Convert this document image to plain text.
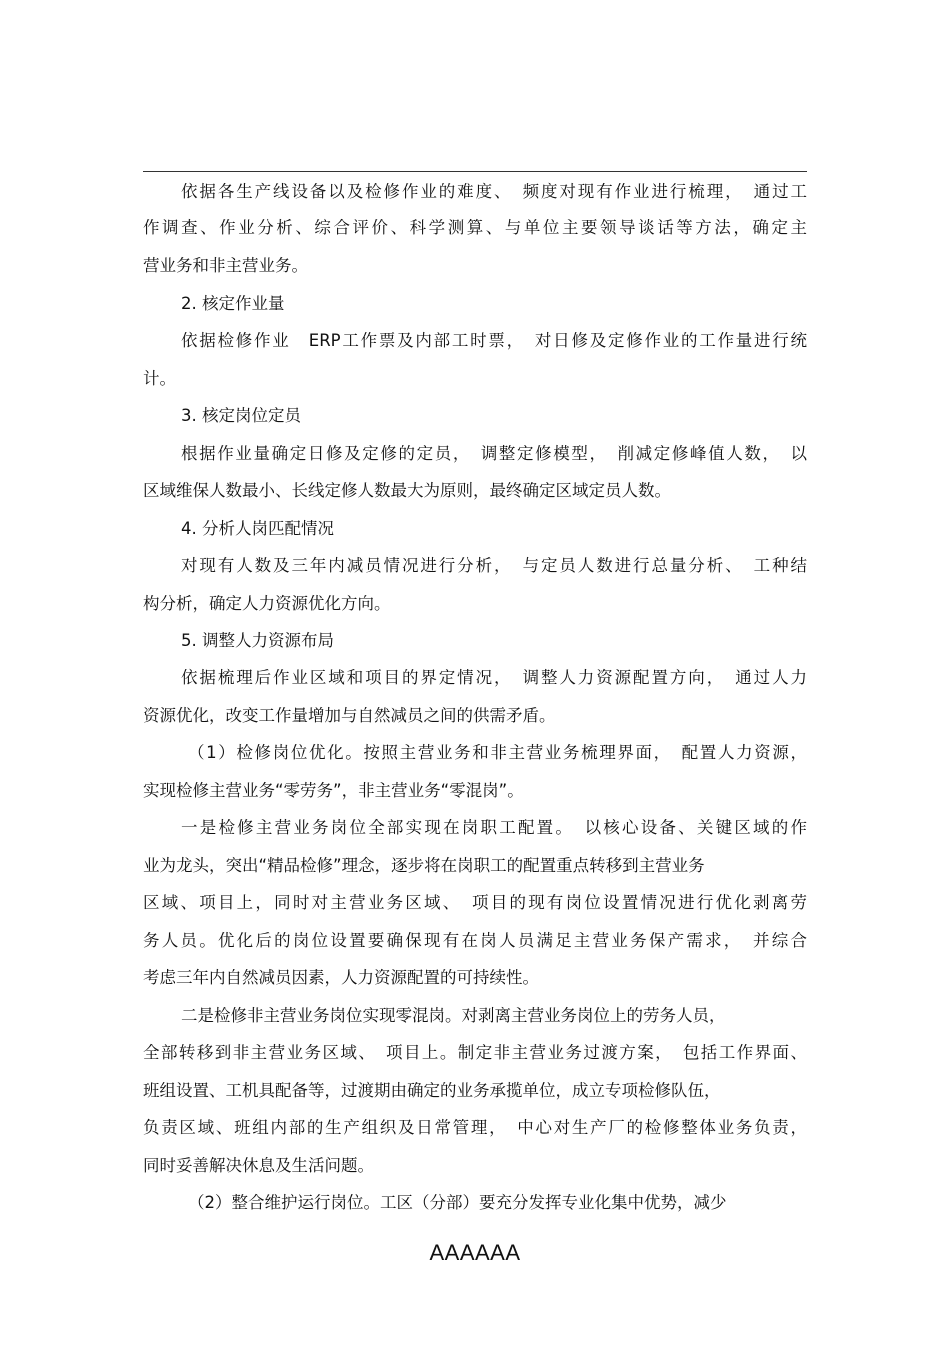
依据各生产线设备以及检修作业的难度、　频度对现有作业进行梳理，　通过工
作调查、作业分析、综合评价、科学测算、与单位主要领导谈话等方法，确定主
营业务和非主营业务。
2. 核定作业量
依据检修作业　ERP工作票及内部工时票，　对日修及定修作业的工作量进行统
计。
3. 核定岗位定员
根据作业量确定日修及定修的定员，　调整定修模型，　削减定修峰值人数，　以
区域维保人数最小、长线定修人数最大为原则，最终确定区域定员人数。
4. 分析人岗匹配情况
对现有人数及三年内减员情况进行分析，　与定员人数进行总量分析、　工种结
构分析，确定人力资源优化方向。
5. 调整人力资源布局
依据梳理后作业区域和项目的界定情况，　调整人力资源配置方向，　通过人力
资源优化，改变工作量增加与自然减员之间的供需矛盾。
（1）检修岗位优化。按照主营业务和非主营业务梳理界面，　配置人力资源，
实现检修主营业务“零劳务”，非主营业务“零混岗”。
一是检修主营业务岗位全部实现在岗职工配置。　以核心设备、关键区域的作
业为龙头，突出“精品检修”理念，逐步将在岗职工的配置重点转移到主营业务
区域、项目上，同时对主营业务区域、　项目的现有岗位设置情况进行优化剥离劳
务人员。优化后的岗位设置要确保现有在岗人员满足主营业务保产需求，　并综合
考虑三年内自然减员因素，人力资源配置的可持续性。
二是检修非主营业务岗位实现零混岗。对剥离主营业务岗位上的劳务人员，
全部转移到非主营业务区域、　项目上。制定非主营业务过渡方案，　包括工作界面、
班组设置、工机具配备等，过渡期由确定的业务承揽单位，成立专项检修队伍，
负责区域、班组内部的生产组织及日常管理，　中心对生产厂的检修整体业务负责，
同时妥善解决休息及生活问题。
（2）整合维护运行岗位。工区（分部）要充分发挥专业化集中优势，减少
AAAAAA
